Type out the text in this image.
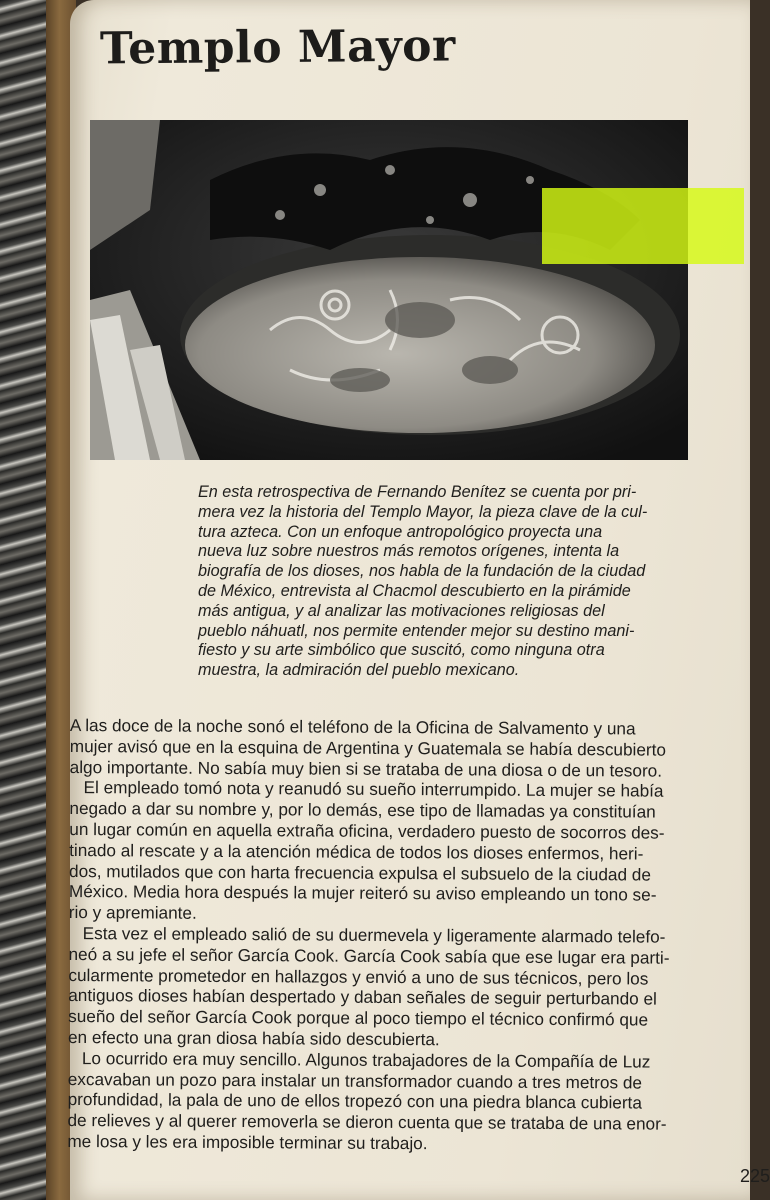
Templo Mayor
En esta retrospectiva de Fernando Benítez se cuenta por pri-
mera vez la historia del Templo Mayor, la pieza clave de la cul-
tura azteca. Con un enfoque antropológico proyecta una
nueva luz sobre nuestros más remotos orígenes, intenta la
biografía de los dioses, nos habla de la fundación de la ciudad
de México, entrevista al Chacmol descubierto en la pirámide
más antigua, y al analizar las motivaciones religiosas del
pueblo náhuatl, nos permite entender mejor su destino mani-
fiesto y su arte simbólico que suscitó, como ninguna otra
muestra, la admiración del pueblo mexicano.
A las doce de la noche sonó el teléfono de la Oficina de Salvamento y una
mujer avisó que en la esquina de Argentina y Guatemala se había descubierto
algo importante. No sabía muy bien si se trataba de una diosa o de un tesoro.
El empleado tomó nota y reanudó su sueño interrumpido. La mujer se había
negado a dar su nombre y, por lo demás, ese tipo de llamadas ya constituían
un lugar común en aquella extraña oficina, verdadero puesto de socorros des-
tinado al rescate y a la atención médica de todos los dioses enfermos, heri-
dos, mutilados que con harta frecuencia expulsa el subsuelo de la ciudad de
México. Media hora después la mujer reiteró su aviso empleando un tono se-
rio y apremiante.
Esta vez el empleado salió de su duermevela y ligeramente alarmado telefo-
neó a su jefe el señor García Cook. García Cook sabía que ese lugar era parti-
cularmente prometedor en hallazgos y envió a uno de sus técnicos, pero los
antiguos dioses habían despertado y daban señales de seguir perturbando el
sueño del señor García Cook porque al poco tiempo el técnico confirmó que
en efecto una gran diosa había sido descubierta.
Lo ocurrido era muy sencillo. Algunos trabajadores de la Compañía de Luz
excavaban un pozo para instalar un transformador cuando a tres metros de
profundidad, la pala de uno de ellos tropezó con una piedra blanca cubierta
de relieves y al querer removerla se dieron cuenta que se trataba de una enor-
me losa y les era imposible terminar su trabajo.
225
